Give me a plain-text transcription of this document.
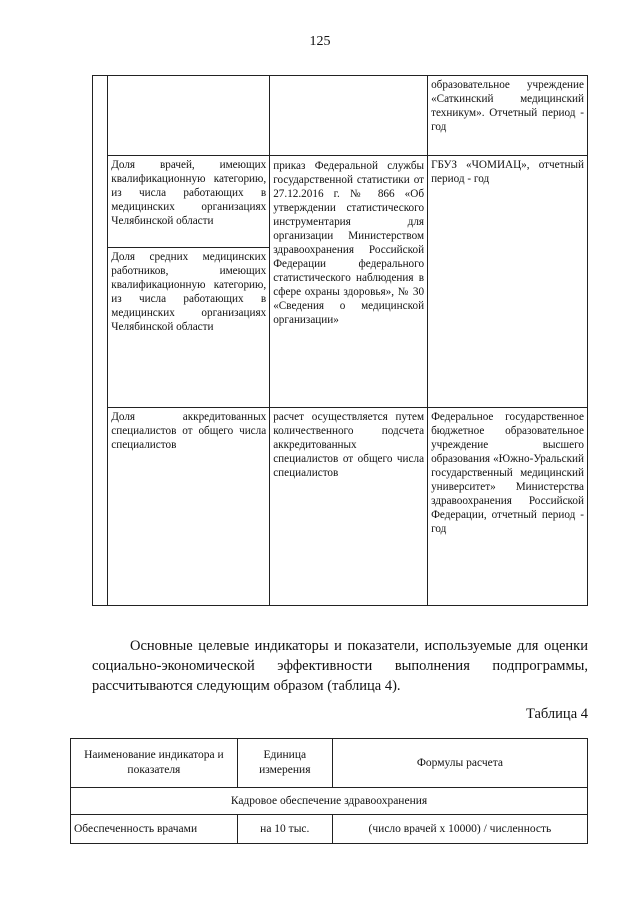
125
			образовательное учреждение «Саткинский медицинский техникум». Отчетный период - год
	Доля врачей, имеющих квалификационную категорию, из числа работающих в медицинских организациях Челябинской области	приказ Федеральной службы государственной статистики от 27.12.2016 г. № 866 «Об утверждении статистического инструментария для организации Министерством здравоохранения Российской Федерации федерального статистического наблюдения в сфере охраны здоровья», № 30 «Сведения о медицинской организации»	ГБУЗ «ЧОМИАЦ», отчетный период - год
	Доля средних медицинских работников, имеющих квалификационную категорию, из числа работающих в медицинских организациях Челябинской области		
	Доля аккредитованных специалистов от общего числа специалистов	расчет осуществляется путем количественного подсчета аккредитованных специалистов от общего числа специалистов	Федеральное государственное бюджетное образовательное учреждение высшего образования «Южно-Уральский государственный медицинский университет» Министерства здравоохранения Российской Федерации, отчетный период - год
Основные целевые индикаторы и показатели, используемые для оценки социально-экономической эффективности выполнения подпрограммы, рассчитываются следующим образом (таблица 4).
Таблица 4
Наименование индикатора и показателя	Единица измерения	Формулы расчета
Кадровое обеспечение здравоохранения		
Обеспеченность врачами	на 10 тыс.	(число врачей х 10000) / численность
